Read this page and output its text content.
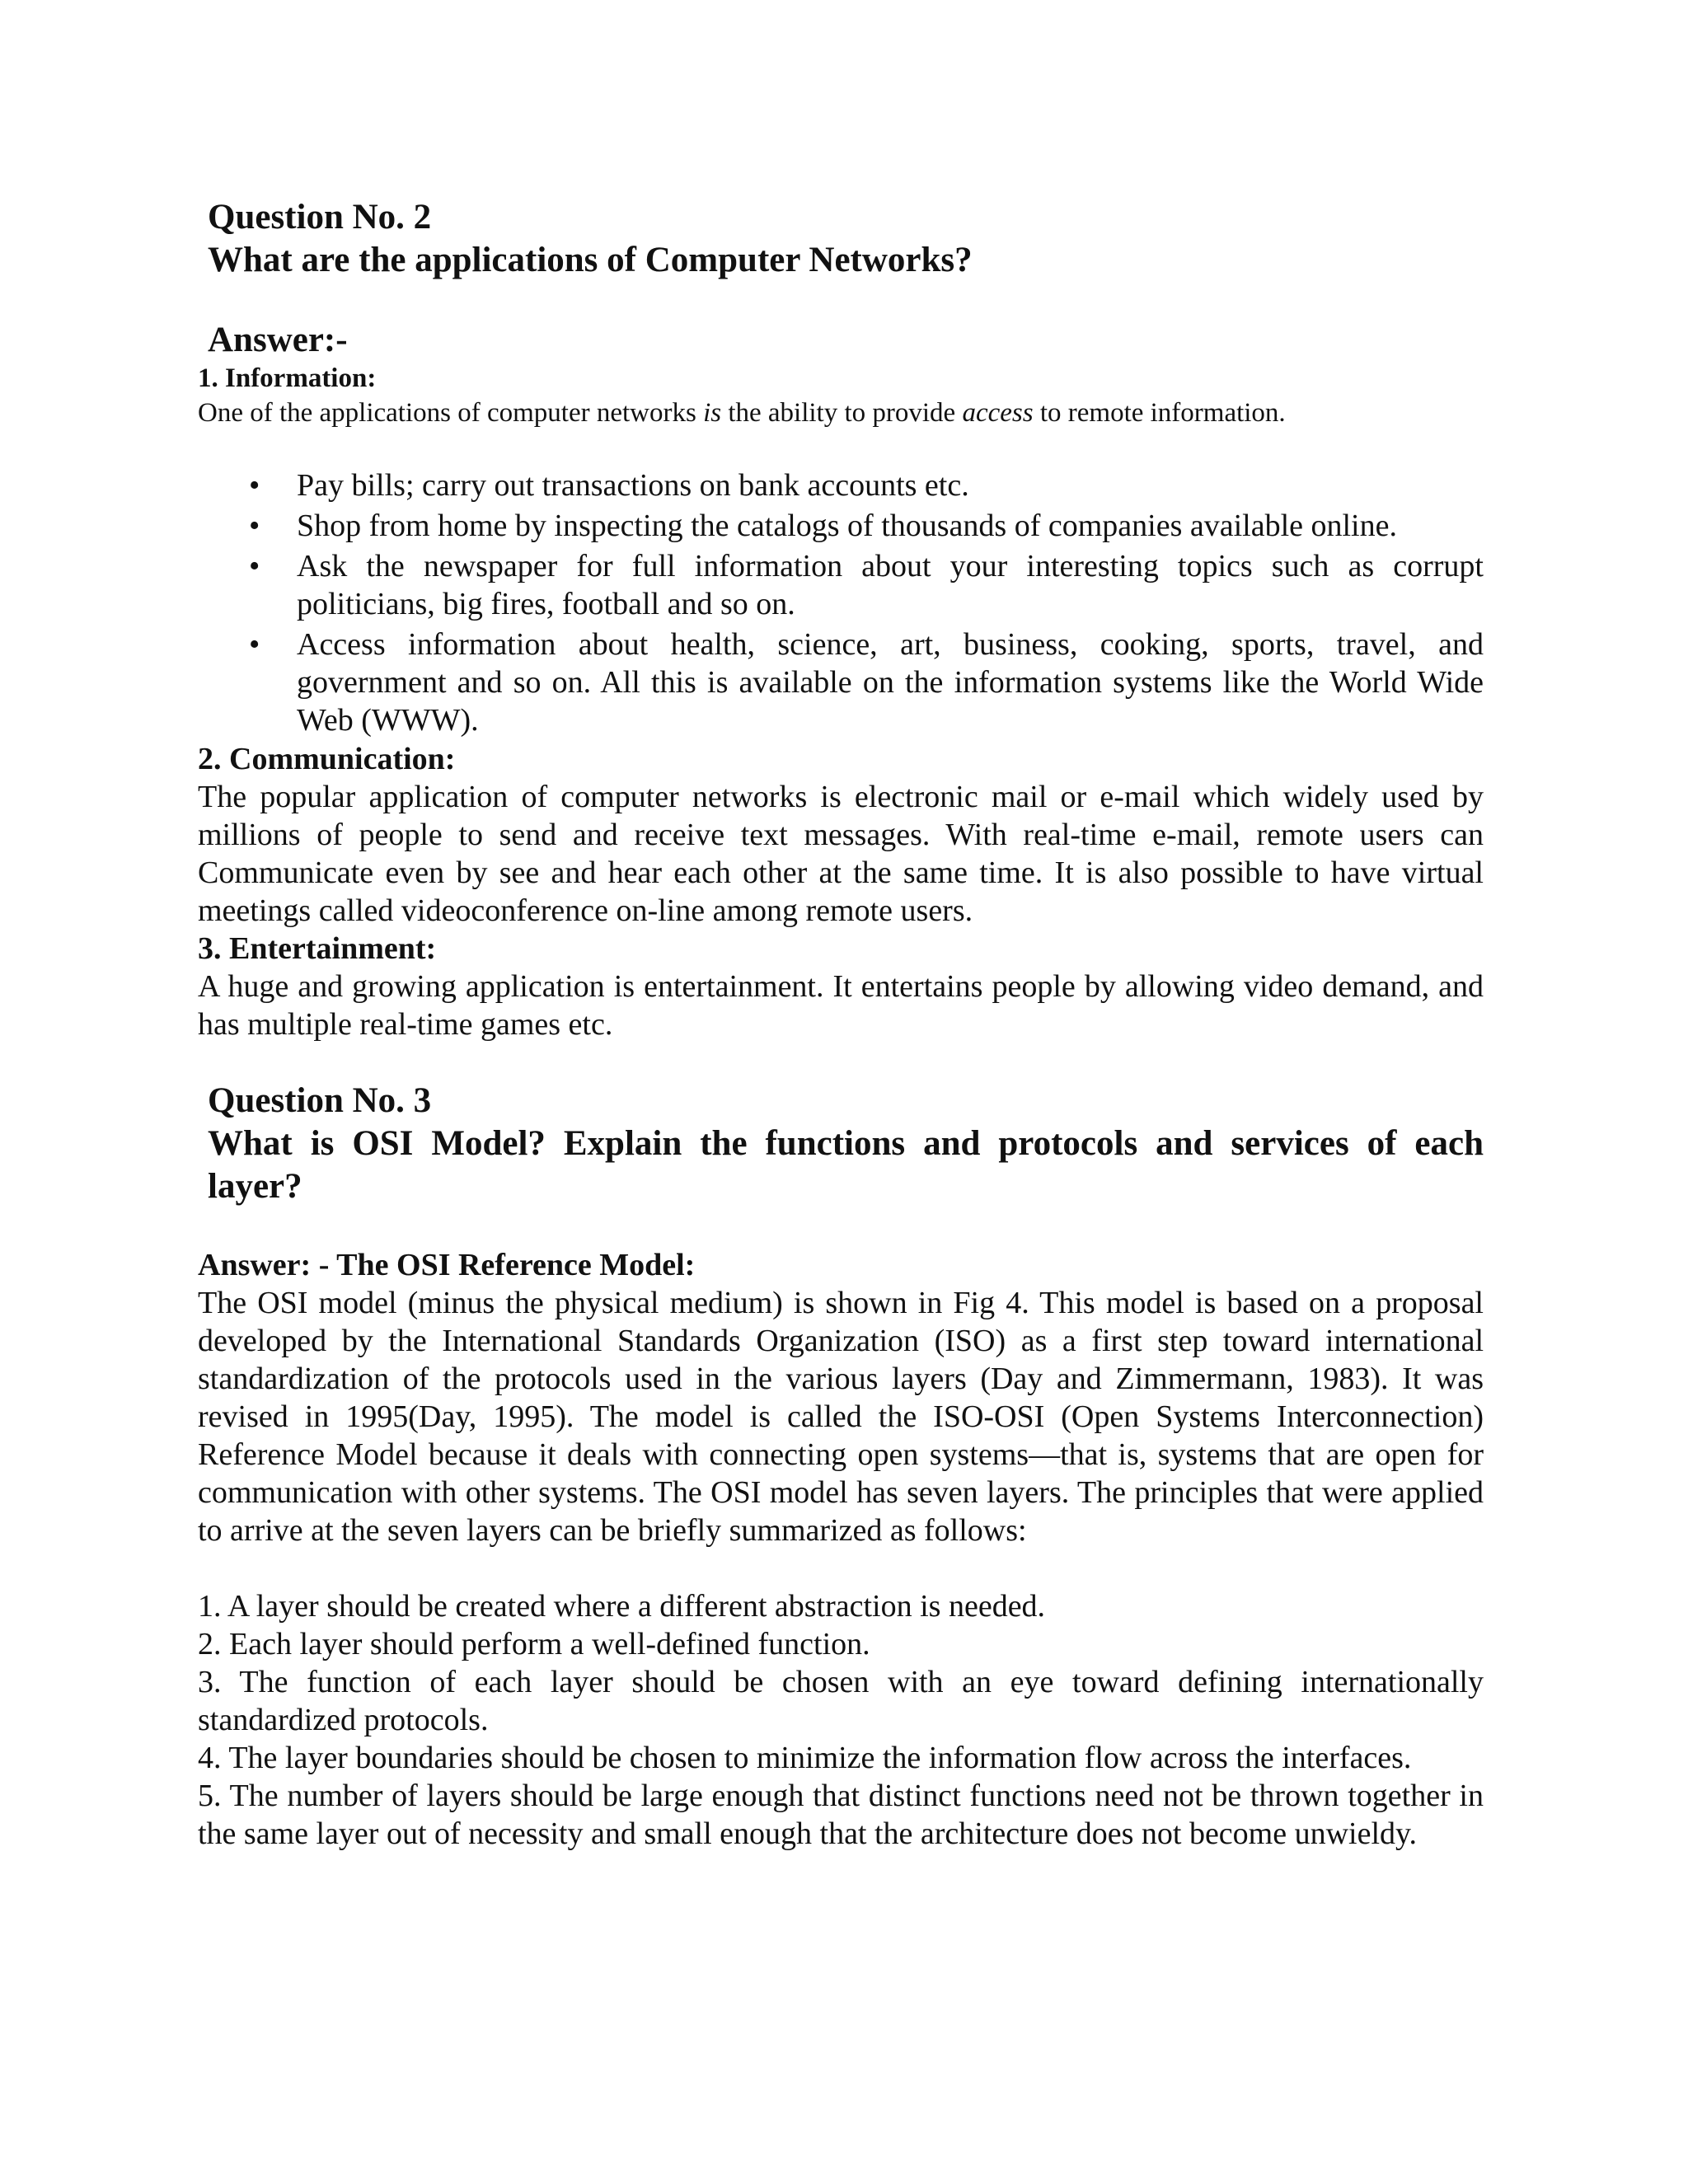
Question No. 2
What are the applications of Computer Networks?
Answer:-
1. Information:
One of the applications of computer networks is the ability to provide access to remote information.
• Pay bills; carry out transactions on bank accounts etc.
• Shop from home by inspecting the catalogs of thousands of companies available online.
• Ask the newspaper for full information about your interesting topics such as corrupt politicians, big fires, football and so on.
• Access information about health, science, art, business, cooking, sports, travel, and government and so on. All this is available on the information systems like the World Wide Web (WWW).
2. Communication:
The popular application of computer networks is electronic mail or e-mail which widely used by millions of people to send and receive text messages. With real-time e-mail, remote users can Communicate even by see and hear each other at the same time. It is also possible to have virtual meetings called videoconference on-line among remote users.
3. Entertainment:
A huge and growing application is entertainment. It entertains people by allowing video demand, and has multiple real-time games etc.
Question No. 3
What is OSI Model? Explain the functions and protocols and services of each
layer?
Answer: - The OSI Reference Model:
The OSI model (minus the physical medium) is shown in Fig 4. This model is based on a proposal developed by the International Standards Organization (ISO) as a first step toward international standardization of the protocols used in the various layers (Day and Zimmermann, 1983). It was revised in 1995(Day, 1995). The model is called the ISO-OSI (Open Systems Interconnection) Reference Model because it deals with connecting open systems—that is, systems that are open for communication with other systems. The OSI model has seven layers. The principles that were applied to arrive at the seven layers can be briefly summarized as follows:
1. A layer should be created where a different abstraction is needed.
2. Each layer should perform a well-defined function.
3. The function of each layer should be chosen with an eye toward defining internationally standardized protocols.
4. The layer boundaries should be chosen to minimize the information flow across the interfaces.
5. The number of layers should be large enough that distinct functions need not be thrown together in the same layer out of necessity and small enough that the architecture does not become unwieldy.
